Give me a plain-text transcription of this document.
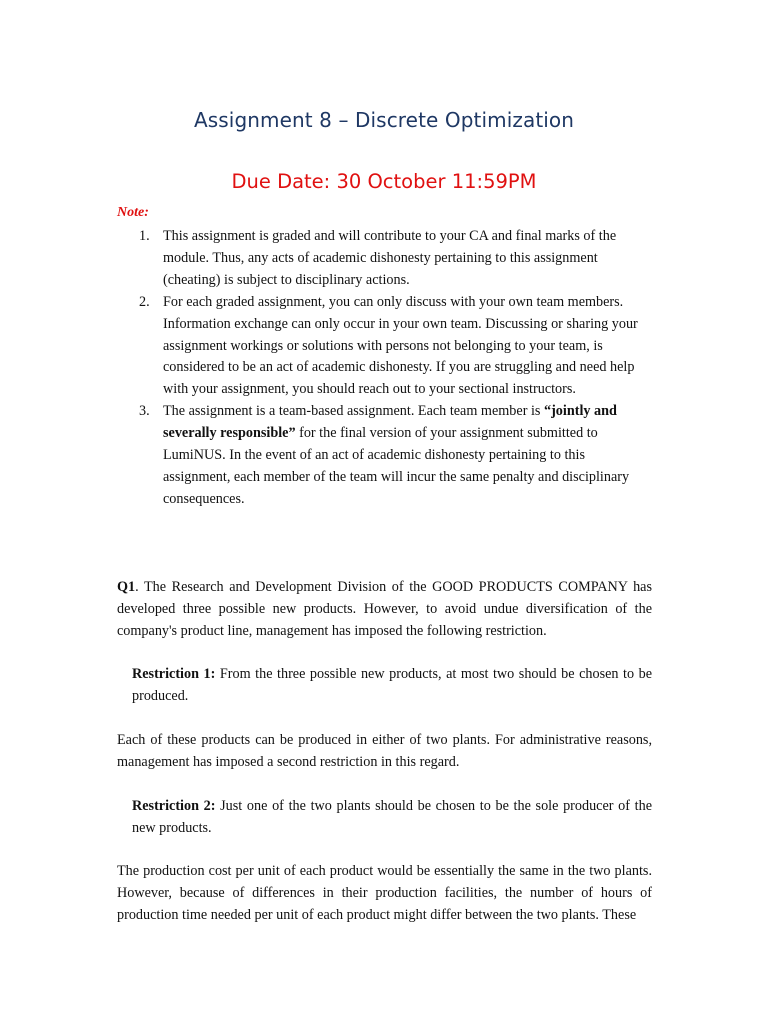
Assignment 8 – Discrete Optimization
Due Date: 30 October 11:59PM
Note:
1. This assignment is graded and will contribute to your CA and final marks of the module. Thus, any acts of academic dishonesty pertaining to this assignment (cheating) is subject to disciplinary actions.
2. For each graded assignment, you can only discuss with your own team members. Information exchange can only occur in your own team. Discussing or sharing your assignment workings or solutions with persons not belonging to your team, is considered to be an act of academic dishonesty. If you are struggling and need help with your assignment, you should reach out to your sectional instructors.
3. The assignment is a team-based assignment. Each team member is “jointly and severally responsible” for the final version of your assignment submitted to LumiNUS. In the event of an act of academic dishonesty pertaining to this assignment, each member of the team will incur the same penalty and disciplinary consequences.

Q1. The Research and Development Division of the GOOD PRODUCTS COMPANY has developed three possible new products. However, to avoid undue diversification of the company's product line, management has imposed the following restriction.

Restriction 1: From the three possible new products, at most two should be chosen to be produced.

Each of these products can be produced in either of two plants. For administrative reasons, management has imposed a second restriction in this regard.

Restriction 2: Just one of the two plants should be chosen to be the sole producer of the new products.

The production cost per unit of each product would be essentially the same in the two plants. However, because of differences in their production facilities, the number of hours of production time needed per unit of each product might differ between the two plants. These
